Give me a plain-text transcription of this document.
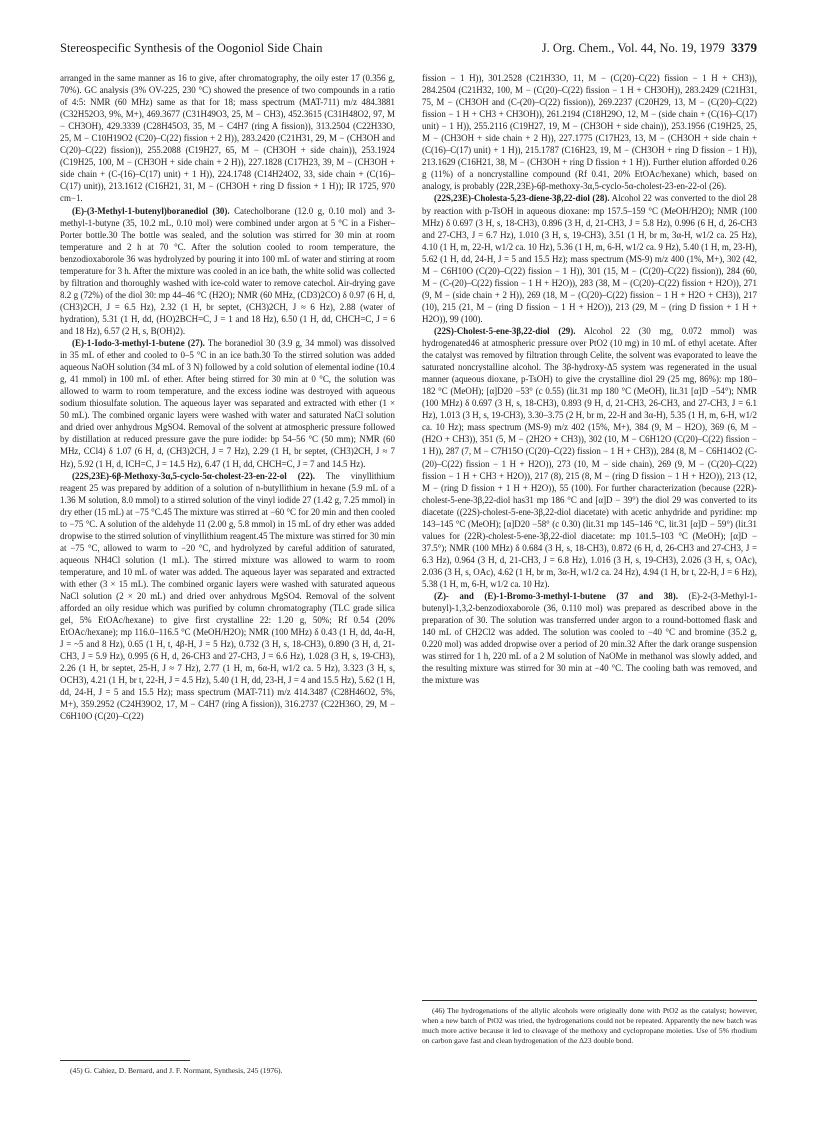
Stereospecific Synthesis of the Oogoniol Side Chain	J. Org. Chem., Vol. 44, No. 19, 1979 3379

arranged in the same manner as 16 to give, after chromatography, the oily ester 17 (0.356 g, 70%). GC analysis (3% OV-225, 230 °C) showed the presence of two compounds in a ratio of 4:5: NMR (60 MHz) same as that for 18; mass spectrum (MAT-711) m/z 484.3881 (C32H52O3, 9%, M+), 469.3677 (C31H49O3, 25, M − CH3), 452.3615 (C31H48O2, 97, M − CH3OH), 429.3339 (C28H45O3, 35, M − C4H7 (ring A fission)), 313.2504 (C22H33O, 25, M − C10H19O2 (C20)–C(22) fission + 2 H)), 283.2420 (C21H31, 29, M − (CH3OH and C(20)–C(22) fission)), 255.2088 (C19H27, 65, M − (CH3OH + side chain)), 253.1924 (C19H25, 100, M − (CH3OH + side chain + 2 H)), 227.1828 (C17H23, 39, M − (CH3OH + side chain + (C-(16)–C(17) unit) + 1 H)), 224.1748 (C14H24O2, 33, side chain + (C(16)–C(17) unit)), 213.1612 (C16H21, 31, M − (CH3OH + ring D fission + 1 H)); IR 1725, 970 cm−1.

(E)-(3-Methyl-1-butenyl)boranediol (30). Catecholborane (12.0 g, 0.10 mol) and 3-methyl-1-butyne (35, 10.2 mL, 0.10 mol) were combined under argon at 5 °C in a Fisher–Porter bottle.30 The bottle was sealed, and the solution was stirred for 30 min at room temperature and 2 h at 70 °C. After the solution cooled to room temperature, the benzodioxaborole 36 was hydrolyzed by pouring it into 100 mL of water and stirring at room temperature for 3 h. After the mixture was cooled in an ice bath, the white solid was collected by filtration and thoroughly washed with ice-cold water to remove catechol. Air-drying gave 8.2 g (72%) of the diol 30: mp 44–46 °C (H2O); NMR (60 MHz, (CD3)2CO) δ 0.97 (6 H, d, (CH3)2CH, J = 6.5 Hz), 2.32 (1 H, br septet, (CH3)2CH, J ≈ 6 Hz), 2.88 (water of hydration), 5.31 (1 H, dd, (HO)2BCH=C, J = 1 and 18 Hz), 6.50 (1 H, dd, CHCH=C, J = 6 and 18 Hz), 6.57 (2 H, s, B(OH)2).

(E)-1-Iodo-3-methyl-1-butene (27). The boranediol 30 (3.9 g, 34 mmol) was dissolved in 35 mL of ether and cooled to 0–5 °C in an ice bath.30 To the stirred solution was added aqueous NaOH solution (34 mL of 3 N) followed by a cold solution of elemental iodine (10.4 g, 41 mmol) in 100 mL of ether. After being stirred for 30 min at 0 °C, the solution was allowed to warm to room temperature, and the excess iodine was destroyed with aqueous sodium thiosulfate solution. The aqueous layer was separated and extracted with ether (1 × 50 mL). The combined organic layers were washed with water and saturated NaCl solution and dried over anhydrous MgSO4. Removal of the solvent at atmospheric pressure followed by distillation at reduced pressure gave the pure iodide: bp 54–56 °C (50 mm); NMR (60 MHz, CCl4) δ 1.07 (6 H, d, (CH3)2CH, J = 7 Hz), 2.29 (1 H, br septet, (CH3)2CH, J ≈ 7 Hz), 5.92 (1 H, d, ICH=C, J = 14.5 Hz), 6.47 (1 H, dd, CHCH=C, J = 7 and 14.5 Hz).

(22S,23E)-6β-Methoxy-3α,5-cyclo-5α-cholest-23-en-22-ol (22). The vinyllithium reagent 25 was prepared by addition of a solution of n-butyllithium in hexane (5.9 mL of a 1.36 M solution, 8.0 mmol) to a stirred solution of the vinyl iodide 27 (1.42 g, 7.25 mmol) in dry ether (15 mL) at −75 °C.45 The mixture was stirred at −60 °C for 20 min and then cooled to −75 °C. A solution of the aldehyde 11 (2.00 g, 5.8 mmol) in 15 mL of dry ether was added dropwise to the stirred solution of vinyllithium reagent.45 The mixture was stirred for 30 min at −75 °C, allowed to warm to −20 °C, and hydrolyzed by careful addition of saturated, aqueous NH4Cl solution (1 mL). The stirred mixture was allowed to warm to room temperature, and 10 mL of water was added. The aqueous layer was separated and extracted with ether (3 × 15 mL). The combined organic layers were washed with saturated aqueous NaCl solution (2 × 20 mL) and dried over anhydrous MgSO4. Removal of the solvent afforded an oily residue which was purified by column chromatography (TLC grade silica gel, 5% EtOAc/hexane) to give first crystalline 22: 1.20 g, 50%; Rf 0.54 (20% EtOAc/hexane); mp 116.0–116.5 °C (MeOH/H2O); NMR (100 MHz) δ 0.43 (1 H, dd, 4α-H, J = ~5 and 8 Hz), 0.65 (1 H, t, 4β-H, J = 5 Hz), 0.732 (3 H, s, 18-CH3), 0.890 (3 H, d, 21-CH3, J = 5.9 Hz), 0.995 (6 H, d, 26-CH3 and 27-CH3, J = 6.6 Hz), 1.028 (3 H, s, 19-CH3), 2.26 (1 H, br septet, 25-H, J ≈ 7 Hz), 2.77 (1 H, m, 6α-H, w1/2 ca. 5 Hz), 3.323 (3 H, s, OCH3), 4.21 (1 H, br t, 22-H, J = 4.5 Hz), 5.40 (1 H, dd, 23-H, J = 4 and 15.5 Hz), 5.62 (1 H, dd, 24-H, J = 5 and 15.5 Hz); mass spectrum (MAT-711) m/z 414.3487 (C28H46O2, 5%, M+), 359.2952 (C24H39O2, 17, M − C4H7 (ring A fission)), 316.2737 (C22H36O, 29, M − C6H10O (C(20)–C(22)

fission − 1 H)), 301.2528 (C21H33O, 11, M − (C(20)–C(22) fission − 1 H + CH3)), 284.2504 (C21H32, 100, M − (C(20)–C(22) fission − 1 H + CH3OH)), 283.2429 (C21H31, 75, M − (CH3OH and (C-(20)–C(22) fission)), 269.2237 (C20H29, 13, M − (C(20)–C(22) fission − 1 H + CH3 + CH3OH)), 261.2194 (C18H29O, 12, M − (side chain + (C(16)–C(17) unit) − 1 H)), 255.2116 (C19H27, 19, M − (CH3OH + side chain)), 253.1956 (C19H25, 25, M − (CH3OH + side chain + 2 H)), 227.1775 (C17H23, 13, M − (CH3OH + side chain + (C(16)–C(17) unit) + 1 H)), 215.1787 (C16H23, 19, M − (CH3OH + ring D fission − 1 H)), 213.1629 (C16H21, 38, M − (CH3OH + ring D fission + 1 H)). Further elution afforded 0.26 g (11%) of a noncrystalline compound (Rf 0.41, 20% EtOAc/hexane) which, based on analogy, is probably (22R,23E)-6β-methoxy-3α,5-cyclo-5α-cholest-23-en-22-ol (26).

(22S,23E)-Cholesta-5,23-diene-3β,22-diol (28). Alcohol 22 was converted to the diol 28 by reaction with p-TsOH in aqueous dioxane: mp 157.5–159 °C (MeOH/H2O); NMR (100 MHz) δ 0.697 (3 H, s, 18-CH3), 0.896 (3 H, d, 21-CH3, J = 5.8 Hz), 0.996 (6 H, d, 26-CH3 and 27-CH3, J = 6.7 Hz), 1.010 (3 H, s, 19-CH3), 3.51 (1 H, br m, 3α-H, w1/2 ca. 25 Hz), 4.10 (1 H, m, 22-H, w1/2 ca. 10 Hz), 5.36 (1 H, m, 6-H, w1/2 ca. 9 Hz), 5.40 (1 H, m, 23-H), 5.62 (1 H, dd, 24-H, J = 5 and 15.5 Hz); mass spectrum (MS-9) m/z 400 (1%, M+), 302 (42, M − C6H10O (C(20)–C(22) fission − 1 H)), 301 (15, M − (C(20)–C(22) fission)), 284 (60, M − (C-(20)–C(22) fission − 1 H + H2O)), 283 (38, M − (C(20)–C(22) fission + H2O)), 271 (9, M − (side chain + 2 H)), 269 (18, M − (C(20)–C(22) fission − 1 H + H2O + CH3)), 217 (10), 215 (21, M − (ring D fission − 1 H + H2O)), 213 (29, M − (ring D fission + 1 H + H2O)), 99 (100).

(22S)-Cholest-5-ene-3β,22-diol (29). Alcohol 22 (30 mg, 0.072 mmol) was hydrogenated46 at atmospheric pressure over PtO2 (10 mg) in 10 mL of ethyl acetate. After the catalyst was removed by filtration through Celite, the solvent was evaporated to leave the saturated noncrystalline alcohol. The 3β-hydroxy-Δ5 system was regenerated in the usual manner (aqueous dioxane, p-TsOH) to give the crystalline diol 29 (25 mg, 86%): mp 180–182 °C (MeOH); [α]D20 −53° (c 0.55) (lit.31 mp 180 °C (MeOH), lit.31 [α]D −54°); NMR (100 MHz) δ 0.697 (3 H, s, 18-CH3), 0.893 (9 H, d, 21-CH3, 26-CH3, and 27-CH3, J = 6.1 Hz), 1.013 (3 H, s, 19-CH3), 3.30–3.75 (2 H, br m, 22-H and 3α-H), 5.35 (1 H, m, 6-H, w1/2 ca. 10 Hz); mass spectrum (MS-9) m/z 402 (15%, M+), 384 (9, M − H2O), 369 (6, M − (H2O + CH3)), 351 (5, M − (2H2O + CH3)), 302 (10, M − C6H12O (C(20)–C(22) fission − 1 H)), 287 (7, M − C7H15O (C(20)–C(22) fission − 1 H + CH3)), 284 (8, M − C6H14O2 (C-(20)–C(22) fission − 1 H + H2O)), 273 (10, M − side chain), 269 (9, M − (C(20)–C(22) fission − 1 H + CH3 + H2O)), 217 (8), 215 (8, M − (ring D fission − 1 H + H2O)), 213 (12, M − (ring D fission + 1 H + H2O)), 55 (100). For further characterization (because (22R)-cholest-5-ene-3β,22-diol has31 mp 186 °C and [α]D − 39°) the diol 29 was converted to its diacetate ((22S)-cholest-5-ene-3β,22-diol diacetate) with acetic anhydride and pyridine: mp 143–145 °C (MeOH); [α]D20 −58° (c 0.30) (lit.31 mp 145–146 °C, lit.31 [α]D − 59°) (lit.31 values for (22R)-cholest-5-ene-3β,22-diol diacetate: mp 101.5–103 °C (MeOH); [α]D − 37.5°); NMR (100 MHz) δ 0.684 (3 H, s, 18-CH3), 0.872 (6 H, d, 26-CH3 and 27-CH3, J = 6.3 Hz), 0.964 (3 H, d, 21-CH3, J = 6.8 Hz), 1.016 (3 H, s, 19-CH3), 2.026 (3 H, s, OAc), 2.036 (3 H, s, OAc), 4.62 (1 H, br m, 3α-H, w1/2 ca. 24 Hz), 4.94 (1 H, br t, 22-H, J = 6 Hz), 5.38 (1 H, m, 6-H, w1/2 ca. 10 Hz).

(Z)- and (E)-1-Bromo-3-methyl-1-butene (37 and 38). (E)-2-(3-Methyl-1-butenyl)-1,3,2-benzodioxaborole (36, 0.110 mol) was prepared as described above in the preparation of 30. The solution was transferred under argon to a round-bottomed flask and 140 mL of CH2Cl2 was added. The solution was cooled to −40 °C and bromine (35.2 g, 0.220 mol) was added dropwise over a period of 20 min.32 After the dark orange suspension was stirred for 1 h, 220 mL of a 2 M solution of NaOMe in methanol was slowly added, and the resulting mixture was stirred for 30 min at −40 °C. The cooling bath was removed, and the mixture was

(45) G. Cahiez, D. Bernard, and J. F. Normant, Synthesis, 245 (1976).

(46) The hydrogenations of the allylic alcohols were originally done with PtO2 as the catalyst; however, when a new batch of PtO2 was tried, the hydrogenations could not be repeated. Apparently the new batch was much more active because it led to cleavage of the methoxy and cyclopropane moieties. Use of 5% rhodium on carbon gave fast and clean hydrogenation of the Δ23 double bond.
